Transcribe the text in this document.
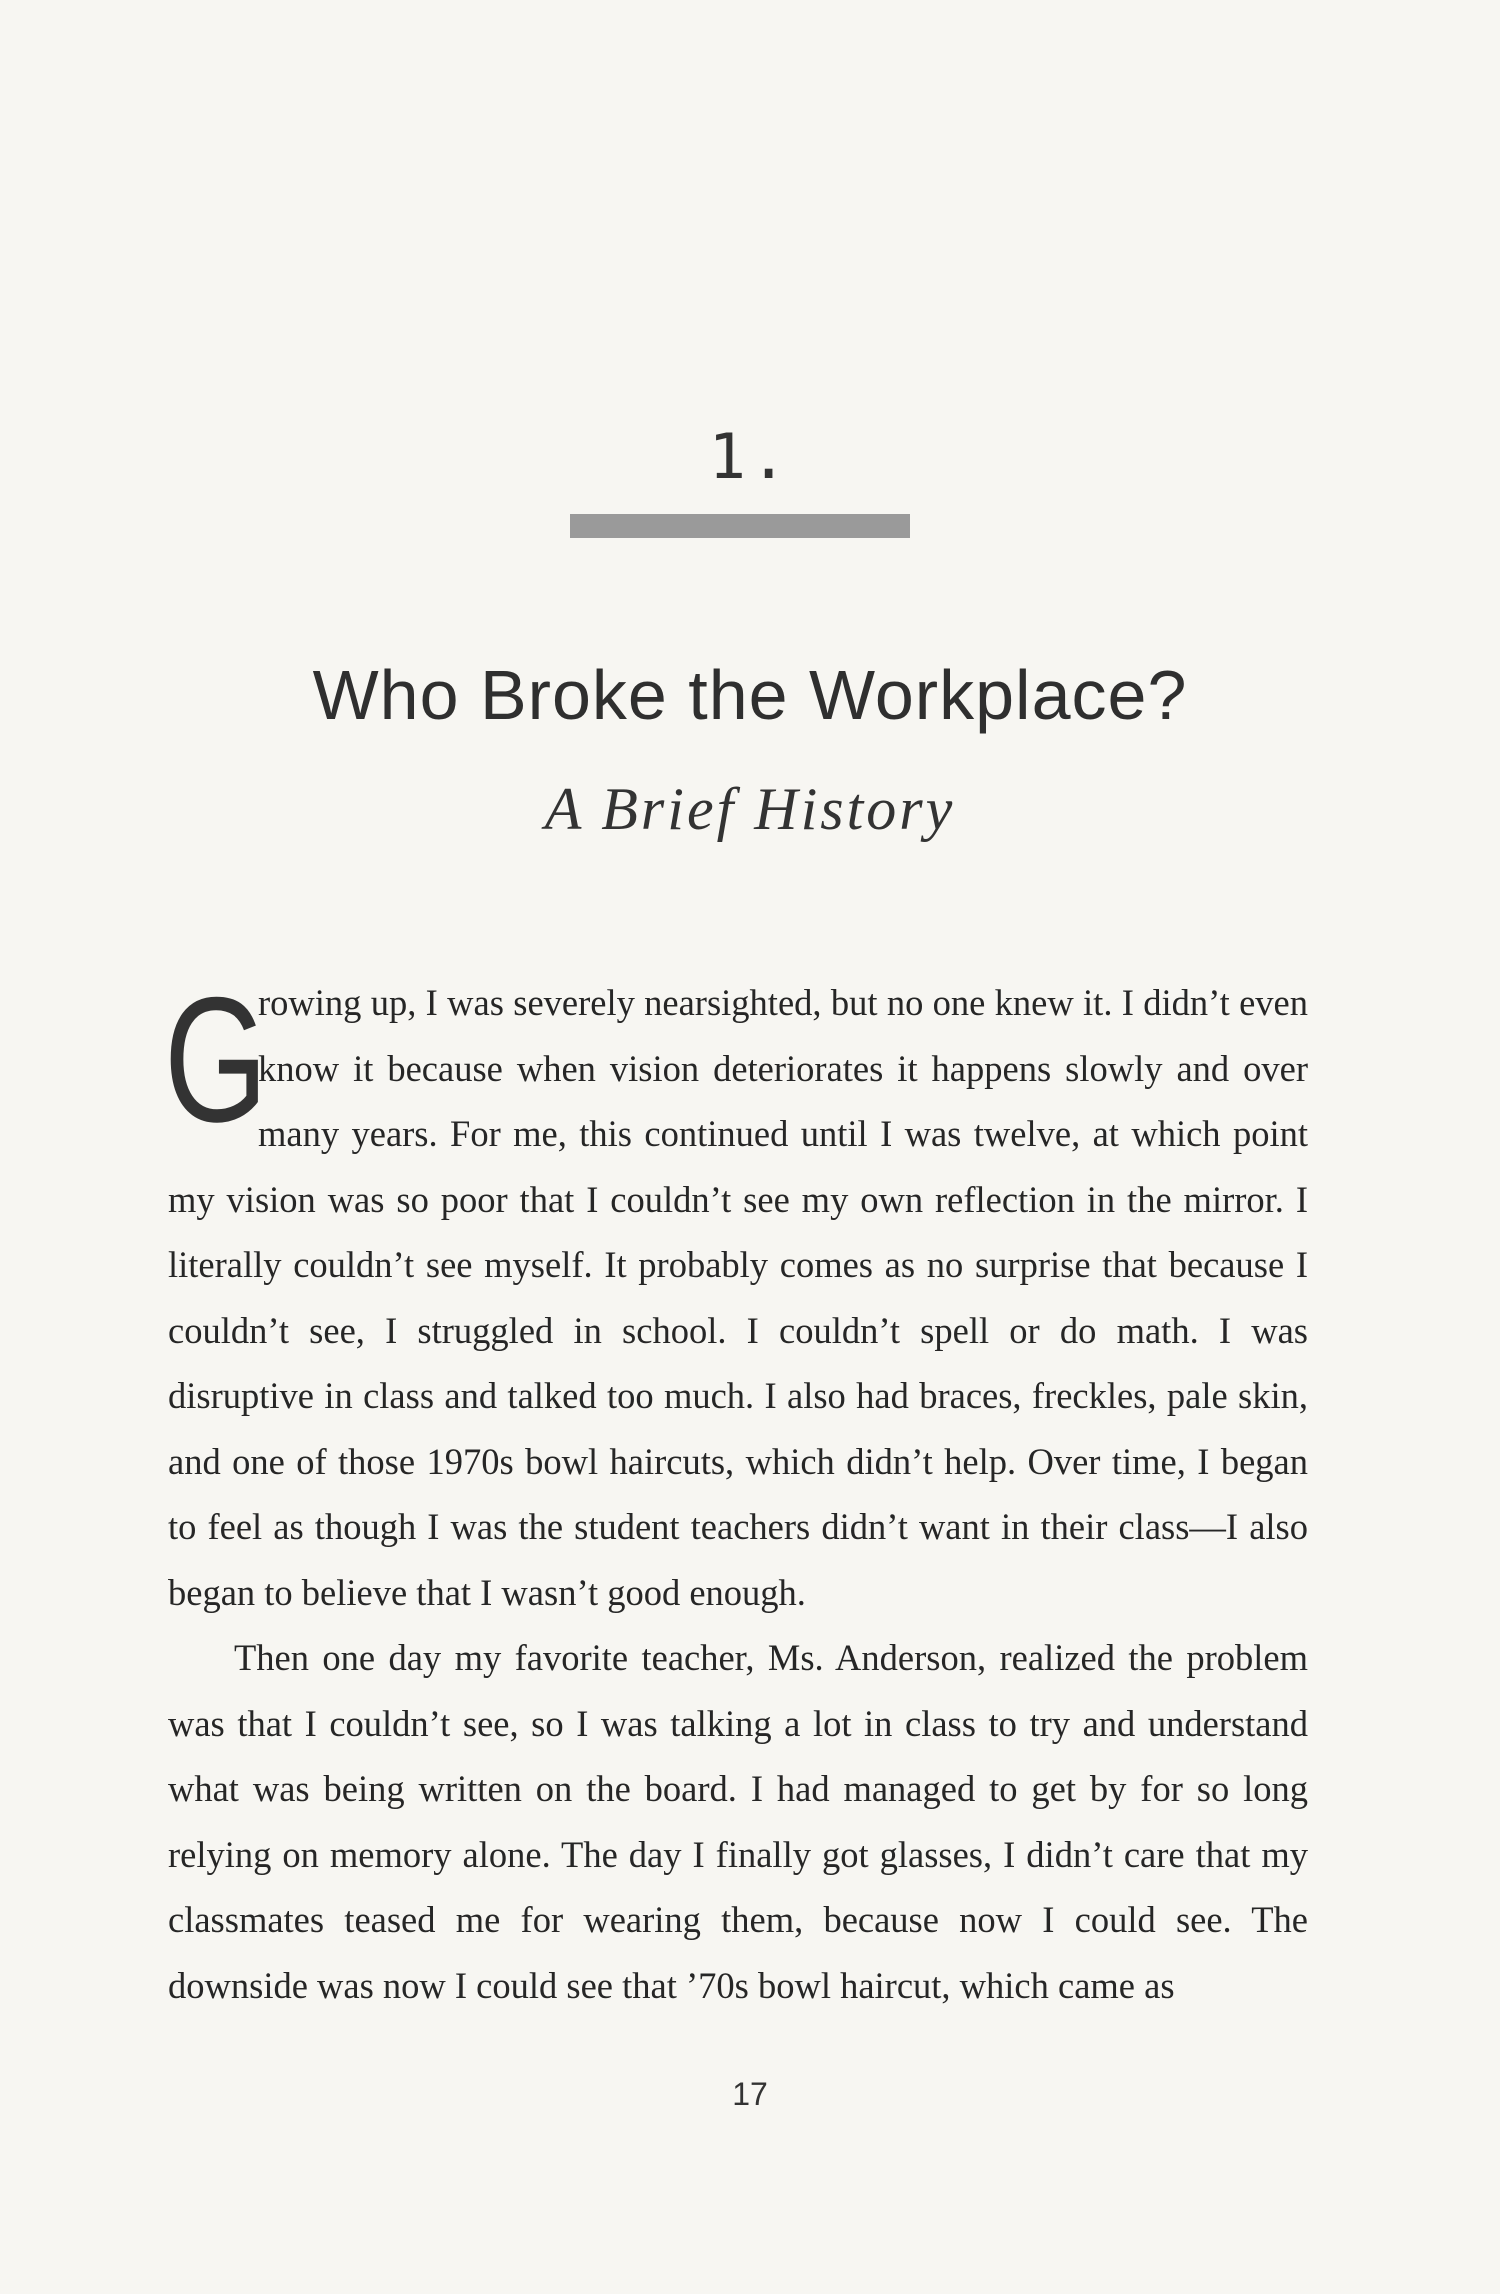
1.
Who Broke the Workplace?
A Brief History

G
rowing up, I was severely nearsighted, but no one knew it. I didn’t even know it because when vision deteriorates it happens slowly and over many years. For me, this continued until I was twelve, at which point my vision was so poor that I couldn’t see my own reflection in the mirror. I literally couldn’t see myself. It probably comes as no surprise that because I couldn’t see, I struggled in school. I couldn’t spell or do math. I was disruptive in class and talked too much. I also had braces, freckles, pale skin, and one of those 1970s bowl haircuts, which didn’t help. Over time, I began to feel as though I was the student teachers didn’t want in their class—I also began to believe that I wasn’t good enough.

Then one day my favorite teacher, Ms. Anderson, realized the problem was that I couldn’t see, so I was talking a lot in class to try and understand what was being written on the board. I had managed to get by for so long relying on memory alone. The day I finally got glasses, I didn’t care that my classmates teased me for wearing them, because now I could see. The downside was now I could see that ’70s bowl haircut, which came as

17
